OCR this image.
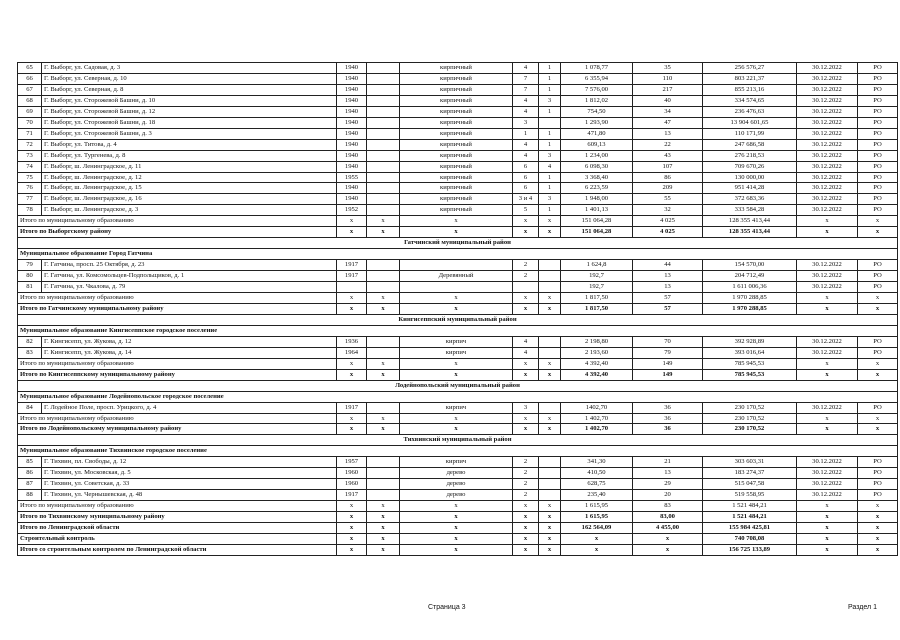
65	Г. Выборг, ул. Садовая, д. 3	1940		кирпичный	4	1	1 078,77	35	256 576,27	30.12.2022	РО
66	Г. Выборг, ул. Северная, д. 10	1940		кирпичный	7	1	6 355,94	110	803 221,37	30.12.2022	РО
67	Г. Выборг, ул. Северная, д. 8	1940		кирпичный	7	1	7 576,00	217	855 213,16	30.12.2022	РО
68	Г. Выборг, ул. Сторожевой Башни, д. 10	1940		кирпичный	4	3	1 812,02	40	334 574,65	30.12.2022	РО
69	Г. Выборг, ул. Сторожевой Башни, д. 12	1940		кирпичный	4	1	754,50	34	236 476,63	30.12.2022	РО
70	Г. Выборг, ул. Сторожевой Башни, д. 18	1940		кирпичный	3		1 293,90	47	13 904 601,65	30.12.2022	РО
71	Г. Выборг, ул. Сторожевой Башни, д. 3	1940		кирпичный	1	1	471,80	13	110 171,99	30.12.2022	РО
72	Г. Выборг, ул. Титова, д. 4	1940		кирпичный	4	1	609,13	22	247 686,58	30.12.2022	РО
73	Г. Выборг, ул. Тургенева, д. 8	1940		кирпичный	4	3	1 234,00	43	276 218,53	30.12.2022	РО
74	Г. Выборг, ш. Ленинградское, д. 11	1940		кирпичный	6	4	6 098,30	107	709 670,26	30.12.2022	РО
75	Г. Выборг, ш. Ленинградское, д. 12	1955		кирпичный	6	1	3 368,40	86	130 000,00	30.12.2022	РО
76	Г. Выборг, ш. Ленинградское, д. 15	1940		кирпичный	6	1	6 223,59	209	951 414,28	30.12.2022	РО
77	Г. Выборг, ш. Ленинградское, д. 16	1940		кирпичный	3 и 4	3	1 948,00	55	372 683,36	30.12.2022	РО
78	Г. Выборг, ш. Ленинградское, д. 3	1952		кирпичный	5	1	1 401,13	32	333 584,28	30.12.2022	РО
Итого по муниципальному образованию		х	х	х	х	х	151 064,28	4 025	128 355 413,44	х	х
Итого по Выборгскому району		х	х	х	х	х	151 064,28	4 025	128 355 413,44	х	х
Гатчинский муниципальный район											
Муниципальное образование Город Гатчина											
79	Г. Гатчина, просп. 25 Октября, д. 23	1917			2		1 624,8	44	154 570,00	30.12.2022	РО
80	Г. Гатчина, ул. Комсомольцев-Подпольщиков, д. 1	1917		Деревянный	2		192,7	13	204 712,49	30.12.2022	РО
81	Г. Гатчина, ул. Чкалова, д. 79						192,7	13	1 611 006,36	30.12.2022	РО
Итого по муниципальному образованию		х	х	х	х	х	1 817,50	57	1 970 288,85	х	х
Итого по Гатчинскому муниципальному району		х	х	х	х	х	1 817,50	57	1 970 288,85	х	х
Кингисеппский муниципальный район											
Муниципальное образование Кингисеппское городское поселение											
82	Г. Кингисепп, ул. Жукова, д. 12	1936		кирпич	4		2 198,80	70	392 928,89	30.12.2022	РО
83	Г. Кингисепп, ул. Жукова, д. 14	1964		кирпич	4		2 193,60	79	393 016,64	30.12.2022	РО
Итого по муниципальному образованию		х	х	х	х	х	4 392,40	149	785 945,53	х	х
Итого по Кингисеппскому муниципальному району		х	х	х	х	х	4 392,40	149	785 945,53	х	х
Лодейнопольский муниципальный район											
Муниципальное образование Лодейнопольское городское поселение											
84	Г. Лодейное Поле, просп. Урицкого, д. 4	1917		кирпич	3		1402,70	36	230 170,52	30.12.2022	РО
Итого по муниципальному образованию		х	х	х	х	х	1 402,70	36	230 170,52	х	х
Итого по Лодейнопольскому муниципальному району		х	х	х	х	х	1 402,70	36	230 170,52	х	х
Тихвинский муниципальный район											
Муниципальное образование Тихвинское городское поселение											
85	Г. Тихвин, пл. Свободы, д. 12	1957		кирпич	2		341,30	21	303 603,31	30.12.2022	РО
86	Г. Тихвин, ул. Московская, д. 5	1960		дерево	2		410,50	13	183 274,37	30.12.2022	РО
87	Г. Тихвин, ул. Советская, д. 33	1960		дерево	2		628,75	29	515 047,58	30.12.2022	РО
88	Г. Тихвин, ул. Чернышевская, д. 48	1917		дерево	2		235,40	20	519 558,95	30.12.2022	РО
Итого по муниципальному образованию		х	х	х	х	х	1 615,95	83	1 521 484,21	х	х
Итого по Тихвинскому муниципальному району		х	х	х	х	х	1 615,95	83,00	1 521 484,21	х	х
Итого по Ленинградской области		х	х	х	х	х	162 564,09	4 455,00	155 984 425,81	х	х
Строительный контроль		х	х	х	х	х	х	х	740 708,08	х	х
Итого со строительным контролем по Ленинградской области		х	х	х	х	х	х	х	156 725 133,89	х	х
Страница 3	Раздел 1
